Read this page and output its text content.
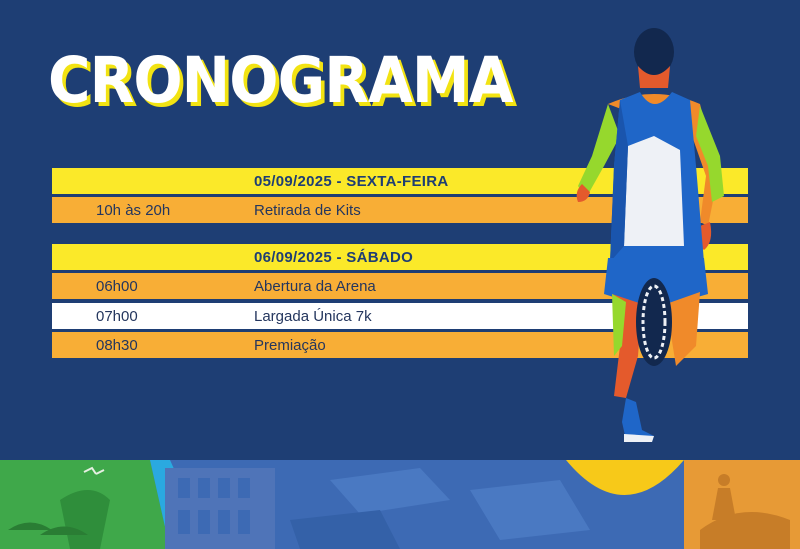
CRONOGRAMA
05/09/2025 - SEXTA-FEIRA
10h às 20h	Retirada de Kits
06/09/2025 - SÁBADO
06h00	Abertura da Arena
07h00	Largada Única 7k
08h30	Premiação
